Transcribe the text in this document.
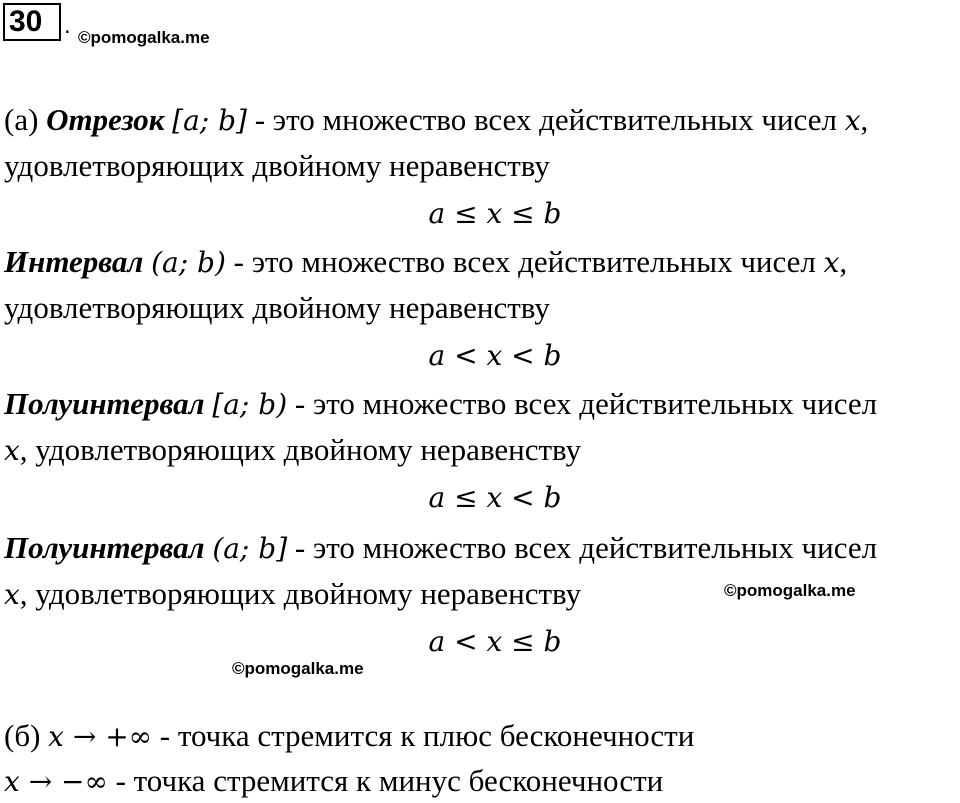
30 . ©pomogalka.me
(а) Отрезок [a; b] - это множество всех действительных чисел x,
удовлетворяющих двойному неравенству
a ≤ x ≤ b
Интервал (a; b) - это множество всех действительных чисел x,
удовлетворяющих двойному неравенству
a < x < b
Полуинтервал [a; b) - это множество всех действительных чисел
x, удовлетворяющих двойному неравенству
a ≤ x < b
Полуинтервал (a; b] - это множество всех действительных чисел
x, удовлетворяющих двойному неравенству	©pomogalka.me
a < x ≤ b
©pomogalka.me
(б) x → +∞ - точка стремится к плюс бесконечности
x → −∞ - точка стремится к минус бесконечности
